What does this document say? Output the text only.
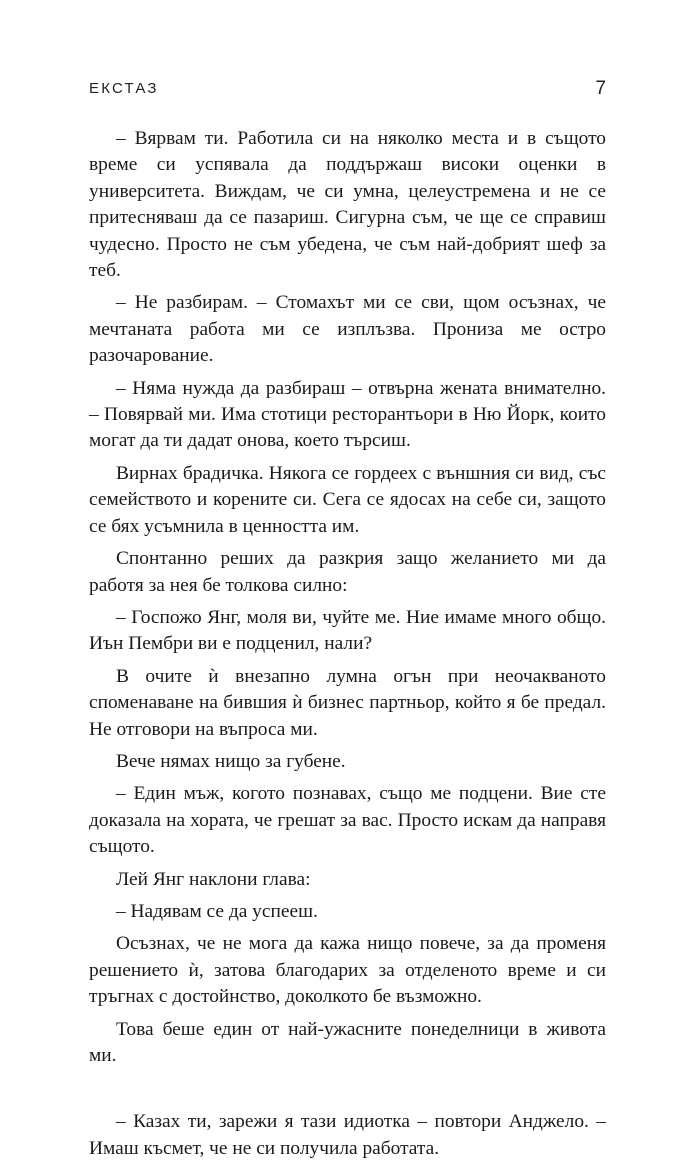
ЕКСТАЗ	7

– Вярвам ти. Работила си на няколко места и в същото време си успявала да поддържаш високи оценки в университета. Виждам, че си умна, целеустремена и не се притесняваш да се пазариш. Сигурна съм, че ще се справиш чудесно. Просто не съм убедена, че съм най-добрият шеф за теб.

– Не разбирам. – Стомахът ми се сви, щом осъзнах, че мечтаната работа ми се изплъзва. Прониза ме остро разочарование.

– Няма нужда да разбираш – отвърна жената внимателно. – Повярвай ми. Има стотици ресторантьори в Ню Йорк, които могат да ти дадат онова, което търсиш.

Вирнах брадичка. Някога се гордеех с външния си вид, със семейството и корените си. Сега се ядосах на себе си, защото се бях усъмнила в ценността им.

Спонтанно реших да разкрия защо желанието ми да работя за нея бе толкова силно:

– Госпожо Янг, моля ви, чуйте ме. Ние имаме много общо. Иън Пембри ви е подценил, нали?

В очите ѝ внезапно лумна огън при неочакваното споменаване на бившия ѝ бизнес партньор, който я бе предал. Не отговори на въпроса ми.

Вече нямах нищо за губене.

– Един мъж, когото познавах, също ме подцени. Вие сте доказала на хората, че грешат за вас. Просто искам да направя същото.

Лей Янг наклони глава:

– Надявам се да успееш.

Осъзнах, че не мога да кажа нищо повече, за да променя решението ѝ, затова благодарих за отделеното време и си тръгнах с достойнство, доколкото бе възможно.

Това беше един от най-ужасните понеделници в живота ми.

– Казах ти, зарежи я тази идиотка – повтори Анджело. – Имаш късмет, че не си получила работата.
